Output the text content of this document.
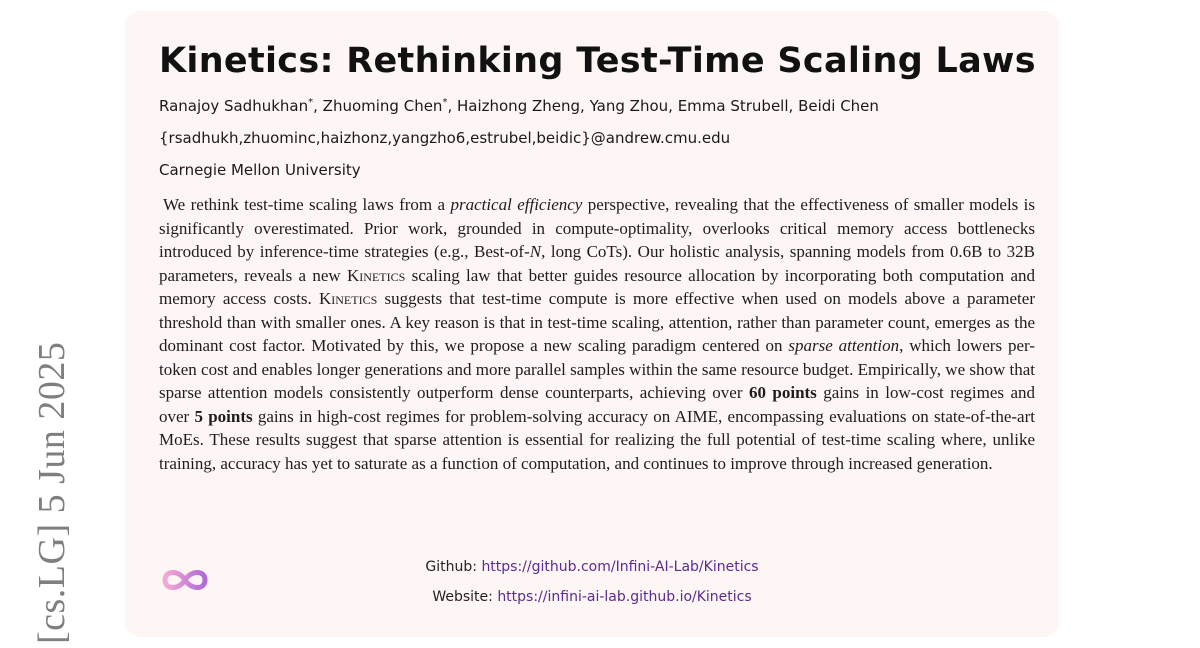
[cs.LG] 5 Jun 2025
Kinetics: Rethinking Test-Time Scaling Laws
Ranajoy Sadhukhan*, Zhuoming Chen*, Haizhong Zheng, Yang Zhou, Emma Strubell, Beidi Chen
{rsadhukh,zhuominc,haizhonz,yangzho6,estrubel,beidic}@andrew.cmu.edu
Carnegie Mellon University

We rethink test-time scaling laws from a practical efficiency perspective, revealing that the effectiveness of smaller models is significantly overestimated. Prior work, grounded in compute-optimality, overlooks critical memory access bottlenecks introduced by inference-time strategies (e.g., Best-of-N, long CoTs). Our holistic analysis, spanning models from 0.6B to 32B parameters, reveals a new Kinetics scaling law that better guides resource allocation by incorporating both computation and memory access costs. Kinetics suggests that test-time compute is more effective when used on models above a parameter threshold than with smaller ones. A key reason is that in test-time scaling, attention, rather than parameter count, emerges as the dominant cost factor. Motivated by this, we propose a new scaling paradigm centered on sparse attention, which lowers per-token cost and enables longer generations and more parallel samples within the same resource budget. Empirically, we show that sparse attention models consistently outperform dense counterparts, achieving over 60 points gains in low-cost regimes and over 5 points gains in high-cost regimes for problem-solving accuracy on AIME, encompassing evaluations on state-of-the-art MoEs. These results suggest that sparse attention is essential for realizing the full potential of test-time scaling where, unlike training, accuracy has yet to saturate as a function of computation, and continues to improve through increased generation.

Github: https://github.com/Infini-AI-Lab/Kinetics
Website: https://infini-ai-lab.github.io/Kinetics
